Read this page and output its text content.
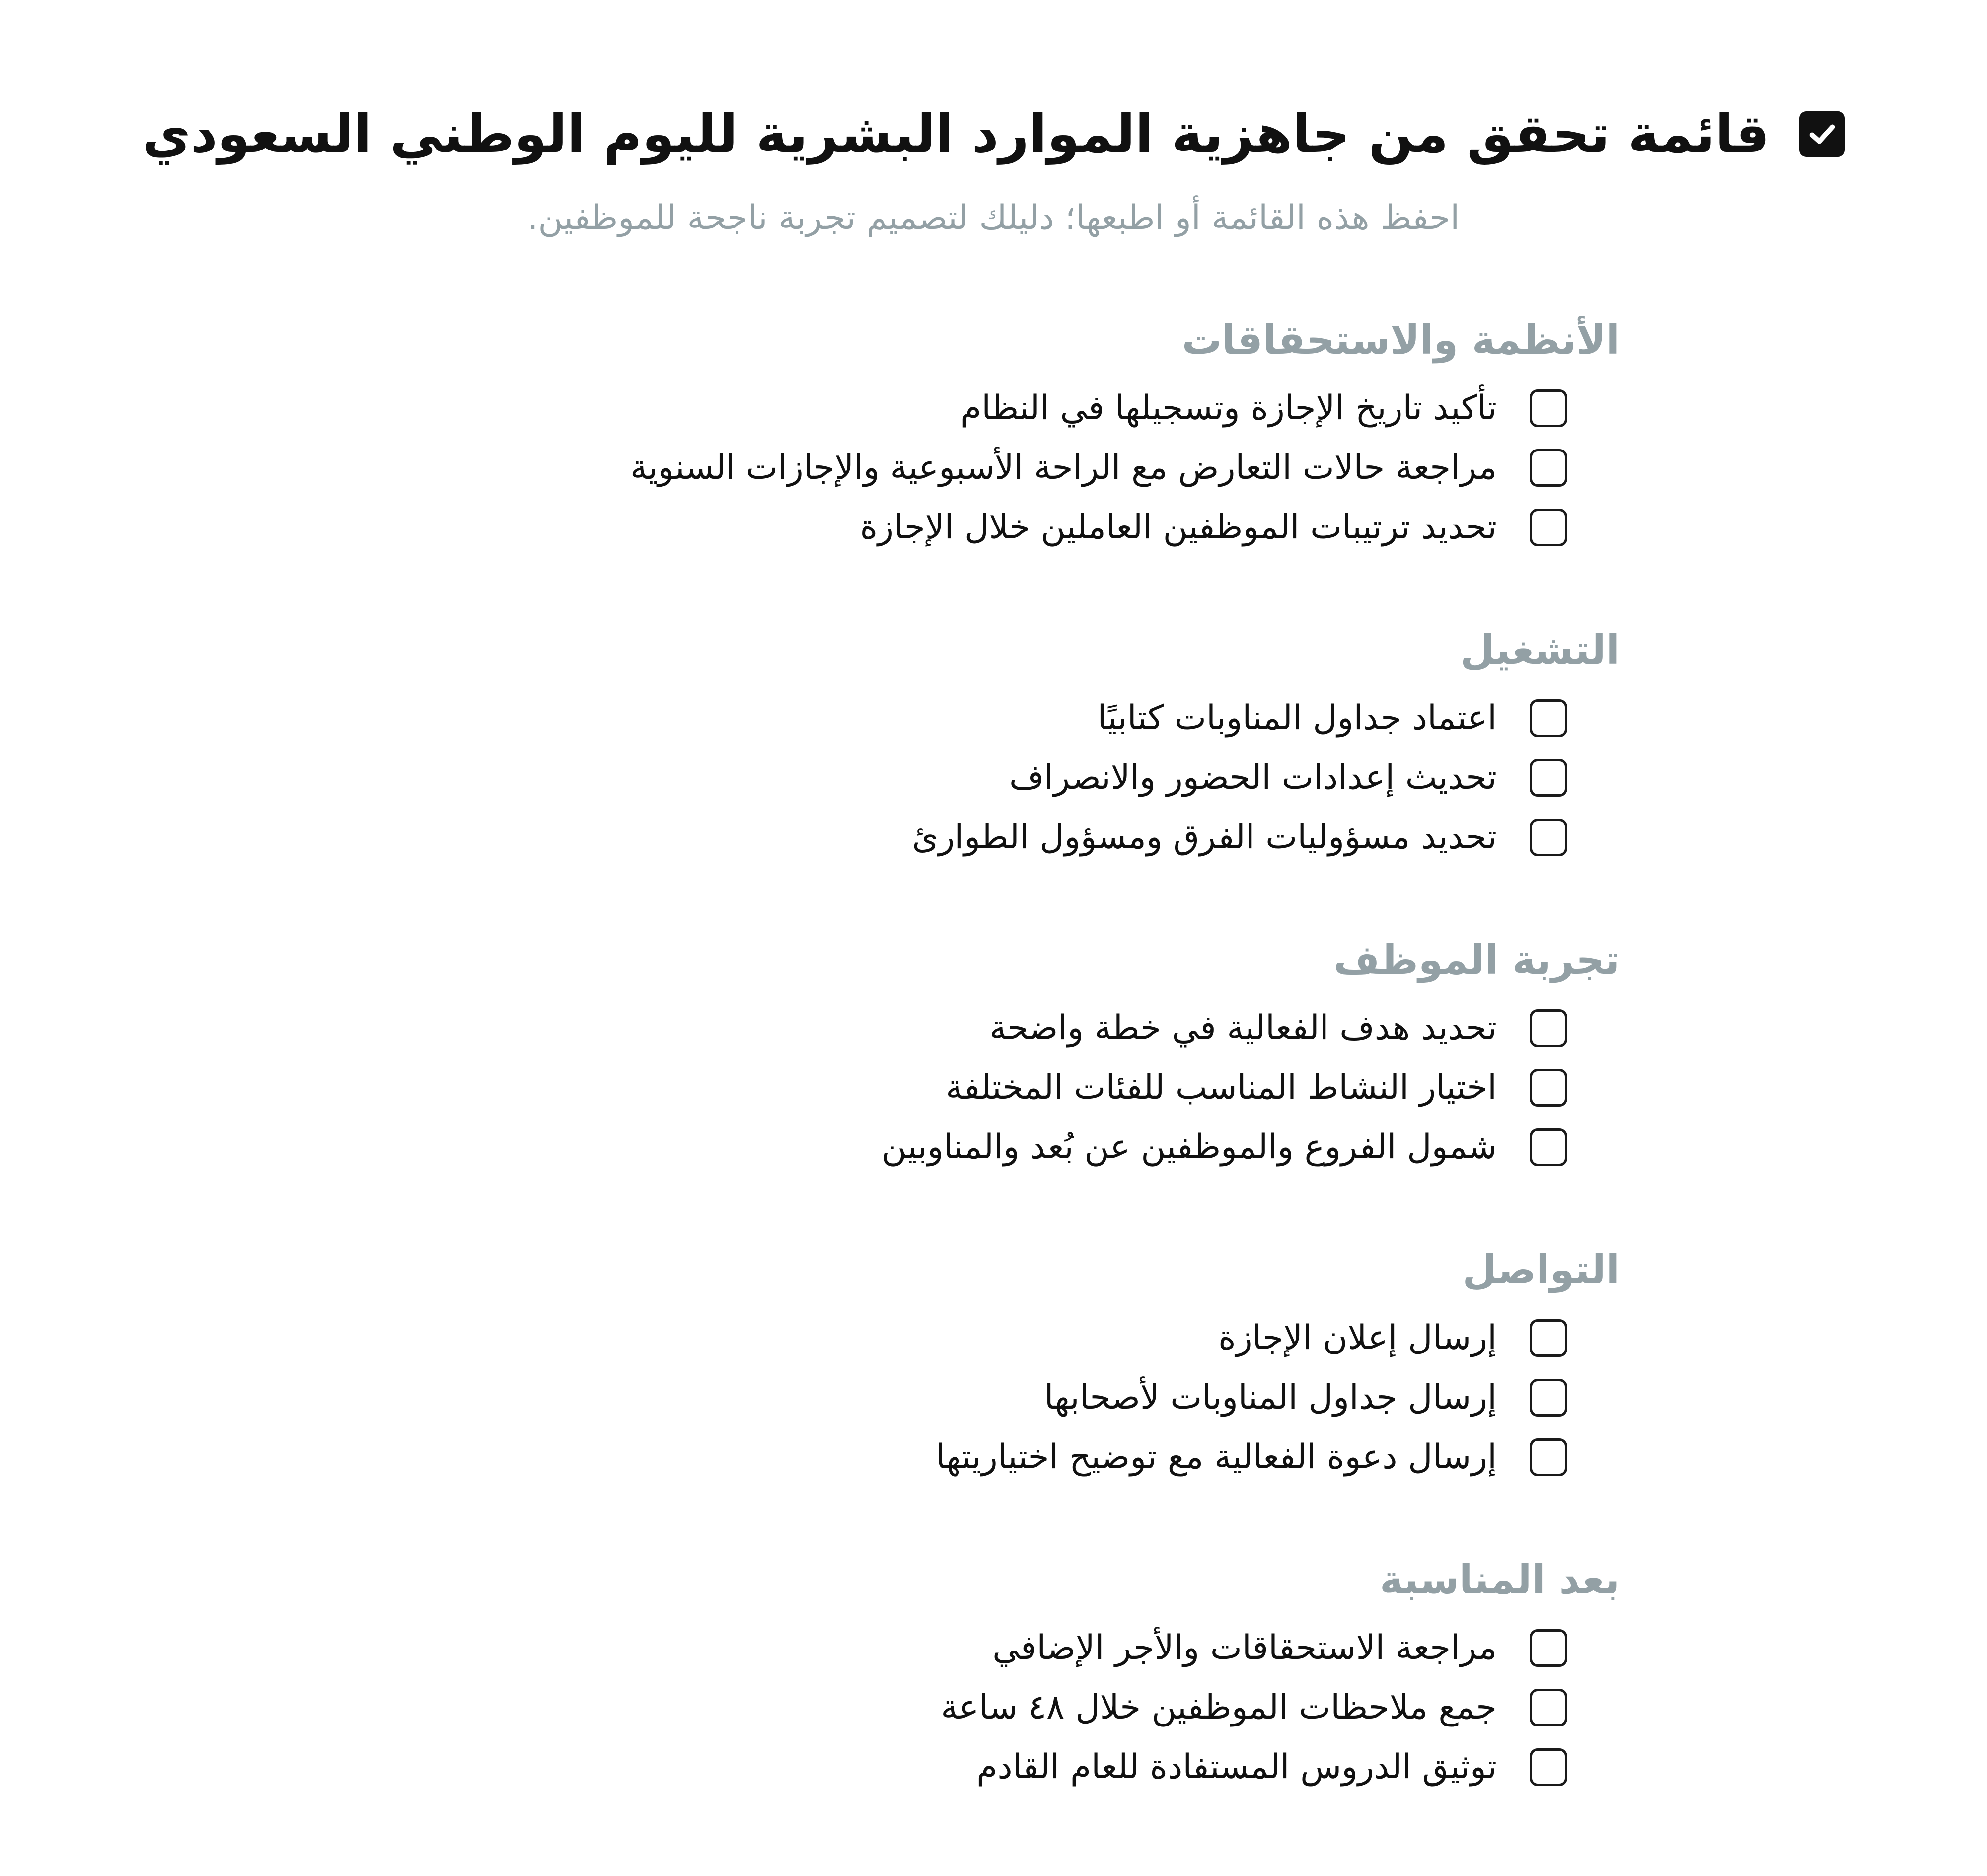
قائمة تحقق من جاهزية الموارد البشرية لليوم الوطني السعودي
احفظ هذه القائمة أو اطبعها؛ دليلك لتصميم تجربة ناجحة للموظفين.
الأنظمة والاستحقاقات
تأكيد تاريخ الإجازة وتسجيلها في النظام
مراجعة حالات التعارض مع الراحة الأسبوعية والإجازات السنوية
تحديد ترتيبات الموظفين العاملين خلال الإجازة
التشغيل
اعتماد جداول المناوبات كتابيًا
تحديث إعدادات الحضور والانصراف
تحديد مسؤوليات الفرق ومسؤول الطوارئ
تجربة الموظف
تحديد هدف الفعالية في خطة واضحة
اختيار النشاط المناسب للفئات المختلفة
شمول الفروع والموظفين عن بُعد والمناوبين
التواصل
إرسال إعلان الإجازة
إرسال جداول المناوبات لأصحابها
إرسال دعوة الفعالية مع توضيح اختياريتها
بعد المناسبة
مراجعة الاستحقاقات والأجر الإضافي
جمع ملاحظات الموظفين خلال ٤٨ ساعة
توثيق الدروس المستفادة للعام القادم
